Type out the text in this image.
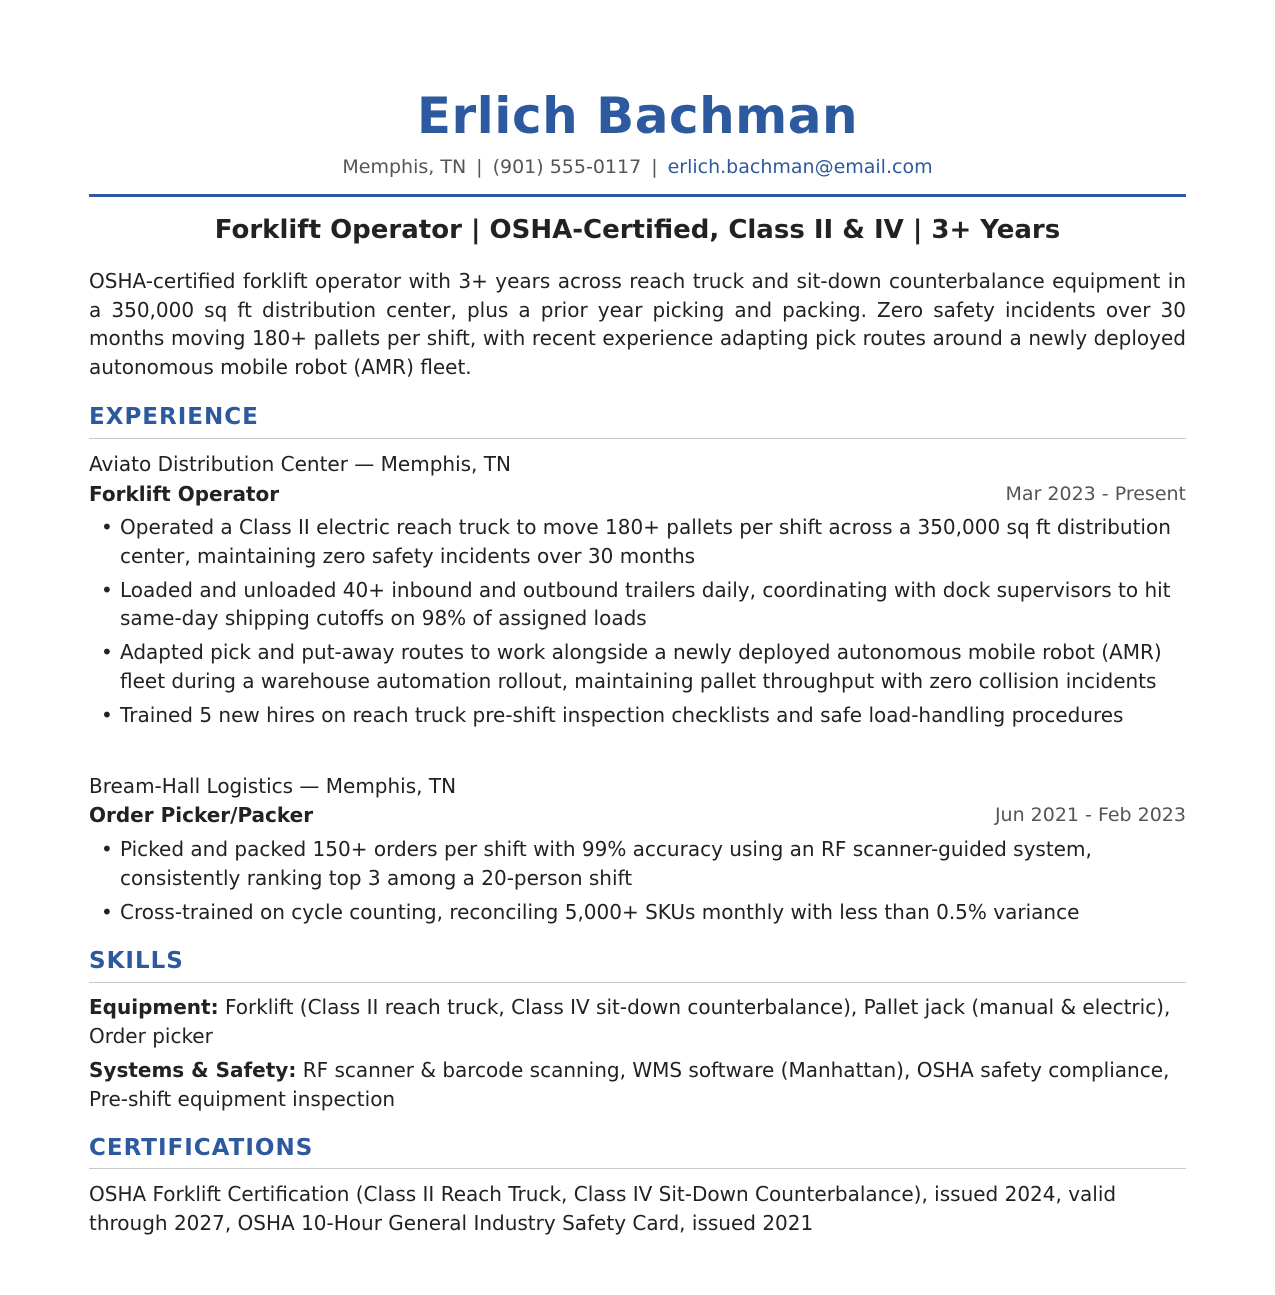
Erlich Bachman
Memphis, TN | (901) 555-0117 | erlich.bachman@email.com
Forklift Operator | OSHA-Certified, Class II & IV | 3+ Years
OSHA-certified forklift operator with 3+ years across reach truck and sit-down counterbalance equipment in a 350,000 sq ft distribution center, plus a prior year picking and packing. Zero safety incidents over 30 months moving 180+ pallets per shift, with recent experience adapting pick routes around a newly deployed autonomous mobile robot (AMR) fleet.
EXPERIENCE
Aviato Distribution Center — Memphis, TN
Forklift Operator	Mar 2023 - Present
• Operated a Class II electric reach truck to move 180+ pallets per shift across a 350,000 sq ft distribution center, maintaining zero safety incidents over 30 months
• Loaded and unloaded 40+ inbound and outbound trailers daily, coordinating with dock supervisors to hit same-day shipping cutoffs on 98% of assigned loads
• Adapted pick and put-away routes to work alongside a newly deployed autonomous mobile robot (AMR) fleet during a warehouse automation rollout, maintaining pallet throughput with zero collision incidents
• Trained 5 new hires on reach truck pre-shift inspection checklists and safe load-handling procedures
Bream-Hall Logistics — Memphis, TN
Order Picker/Packer	Jun 2021 - Feb 2023
• Picked and packed 150+ orders per shift with 99% accuracy using an RF scanner-guided system, consistently ranking top 3 among a 20-person shift
• Cross-trained on cycle counting, reconciling 5,000+ SKUs monthly with less than 0.5% variance
SKILLS
Equipment: Forklift (Class II reach truck, Class IV sit-down counterbalance), Pallet jack (manual & electric), Order picker
Systems & Safety: RF scanner & barcode scanning, WMS software (Manhattan), OSHA safety compliance, Pre-shift equipment inspection
CERTIFICATIONS
OSHA Forklift Certification (Class II Reach Truck, Class IV Sit-Down Counterbalance), issued 2024, valid through 2027, OSHA 10-Hour General Industry Safety Card, issued 2021
